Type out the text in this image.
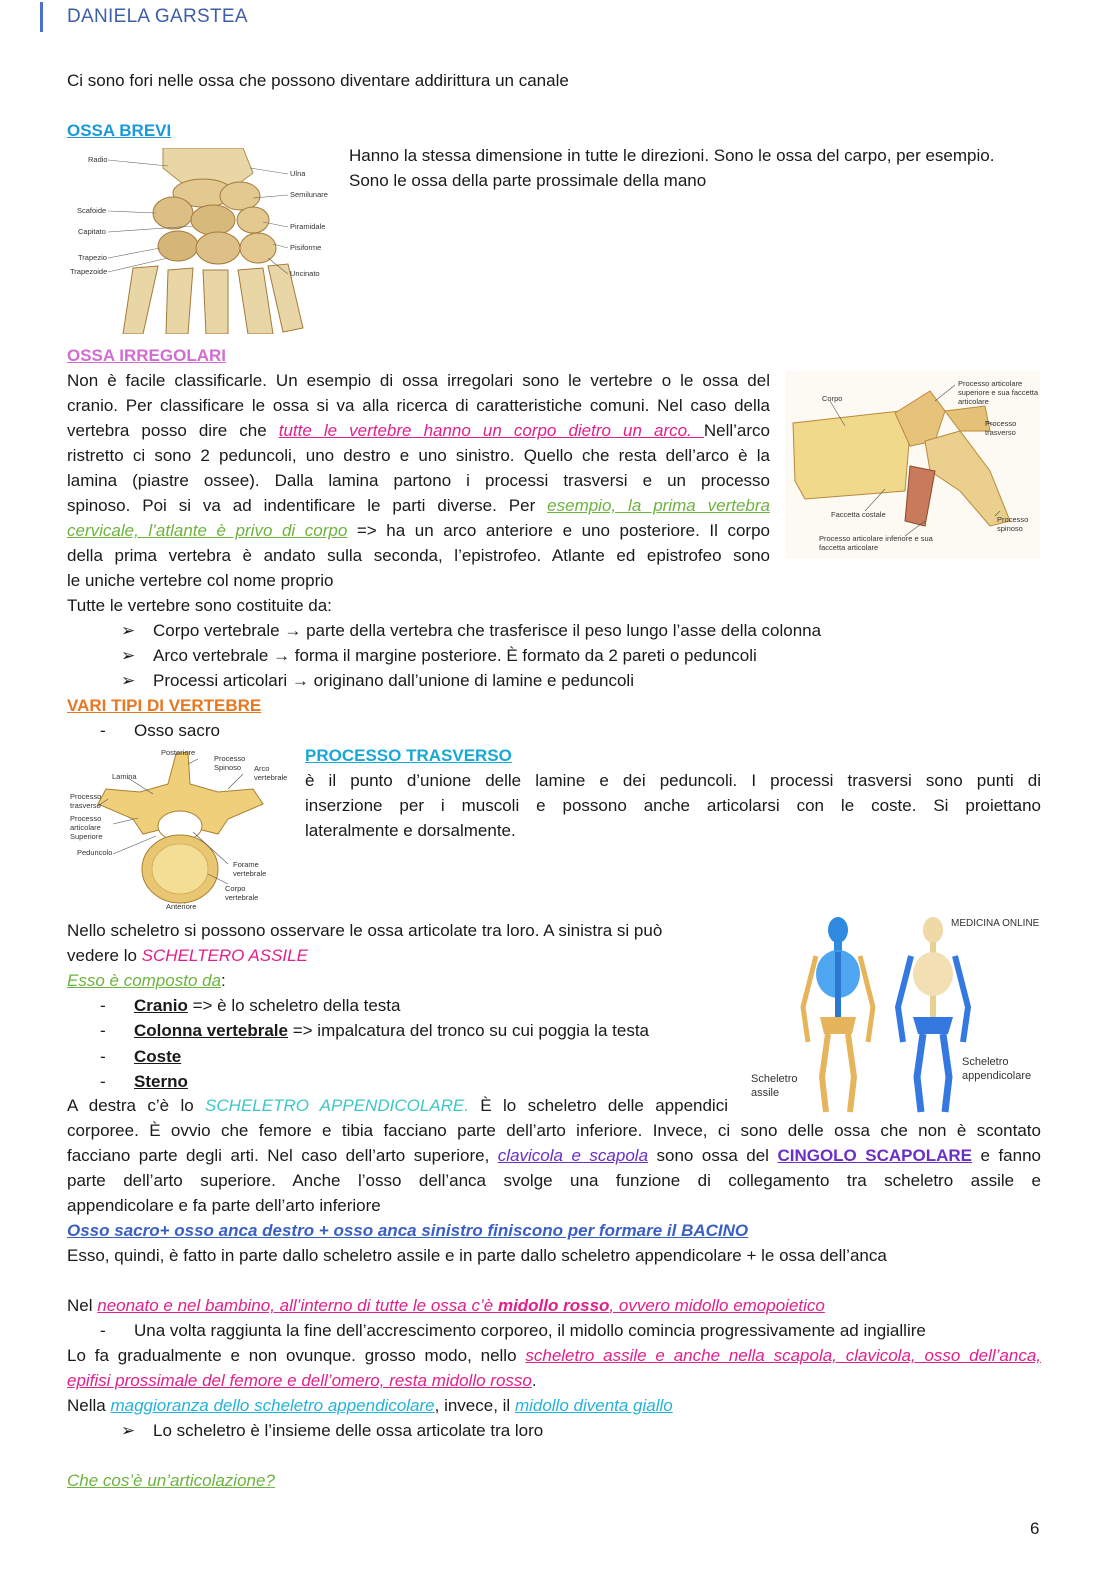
DANIELA GARSTEA
Ci sono fori nelle ossa che possono diventare addirittura un canale
OSSA BREVI
Hanno la stessa dimensione in tutte le direzioni. Sono le ossa del carpo, per esempio.
Sono le ossa della parte prossimale della mano
Radio
Ulna
Semilunare
Scafoide
Capitato
Piramidale
Pisiforme
Trapezio
Trapezoide	Uncinato
OSSA IRREGOLARI
Non è facile classificarle. Un esempio di ossa irregolari sono le vertebre o le ossa del
cranio. Per classificare le ossa si va alla ricerca di caratteristiche comuni. Nel caso della
vertebra posso dire che tutte le vertebre hanno un corpo dietro un arco. Nell’arco
ristretto ci sono 2 peduncoli, uno destro e uno sinistro. Quello che resta dell’arco è la
lamina (piastre ossee). Dalla lamina partono i processi trasversi e un processo
spinoso. Poi si va ad indentificare le parti diverse. Per esempio, la prima vertebra
cervicale, l’atlante è privo di corpo => ha un arco anteriore e uno posteriore. Il corpo
della prima vertebra è andato sulla seconda, l’epistrofeo. Atlante ed epistrofeo sono
le uniche vertebre col nome proprio
Corpo
Processo articolare superiore e sua faccetta articolare
Processo trasverso
Faccetta costale
Processo spinoso
Processo articolare inferiore e sua faccetta articolare
Tutte le vertebre sono costituite da:
➢ Corpo vertebrale → parte della vertebra che trasferisce il peso lungo l’asse della colonna
➢ Arco vertebrale → forma il margine posteriore. È formato da 2 pareti o peduncoli
➢ Processi articolari → originano dall’unione di lamine e peduncoli
VARI TIPI DI VERTEBRE
- Osso sacro
Posteriore
Processo Spinoso	Arco vertebrale
Lamina
Processo trasverso
Processo articolare Superiore
Peduncolo
Forame vertebrale
Corpo vertebrale
Anteriore
PROCESSO TRASVERSO
è il punto d’unione delle lamine e dei peduncoli. I processi trasversi sono punti di
inserzione per i muscoli e possono anche articolarsi con le coste. Si proiettano
lateralmente e dorsalmente.
Nello scheletro si possono osservare le ossa articolate tra loro. A sinistra si può
vedere lo SCHELTERO ASSILE
Esso è composto da:
- Cranio => è lo scheletro della testa
- Colonna vertebrale => impalcatura del tronco su cui poggia la testa
- Coste
- Sterno
A destra c’è lo SCHELETRO APPENDICOLARE. È lo scheletro delle appendici
MEDICINA ONLINE
Scheletro assile
Scheletro appendicolare
corporee. È ovvio che femore e tibia facciano parte dell’arto inferiore. Invece, ci sono delle ossa che non è scontato
facciano parte degli arti. Nel caso dell’arto superiore, clavicola e scapola sono ossa del CINGOLO SCAPOLARE e fanno
parte dell’arto superiore. Anche l’osso dell’anca svolge una funzione di collegamento tra scheletro assile e
appendicolare e fa parte dell’arto inferiore
Osso sacro+ osso anca destro + osso anca sinistro finiscono per formare il BACINO
Esso, quindi, è fatto in parte dallo scheletro assile e in parte dallo scheletro appendicolare + le ossa dell’anca
Nel neonato e nel bambino, all’interno di tutte le ossa c’è midollo rosso, ovvero midollo emopoietico
- Una volta raggiunta la fine dell’accrescimento corporeo, il midollo comincia progressivamente ad ingiallire
Lo fa gradualmente e non ovunque. grosso modo, nello scheletro assile e anche nella scapola, clavicola, osso dell’anca,
epifisi prossimale del femore e dell’omero, resta midollo rosso.
Nella maggioranza dello scheletro appendicolare, invece, il midollo diventa giallo
➢ Lo scheletro è l’insieme delle ossa articolate tra loro
Che cos’è un’articolazione?
6
